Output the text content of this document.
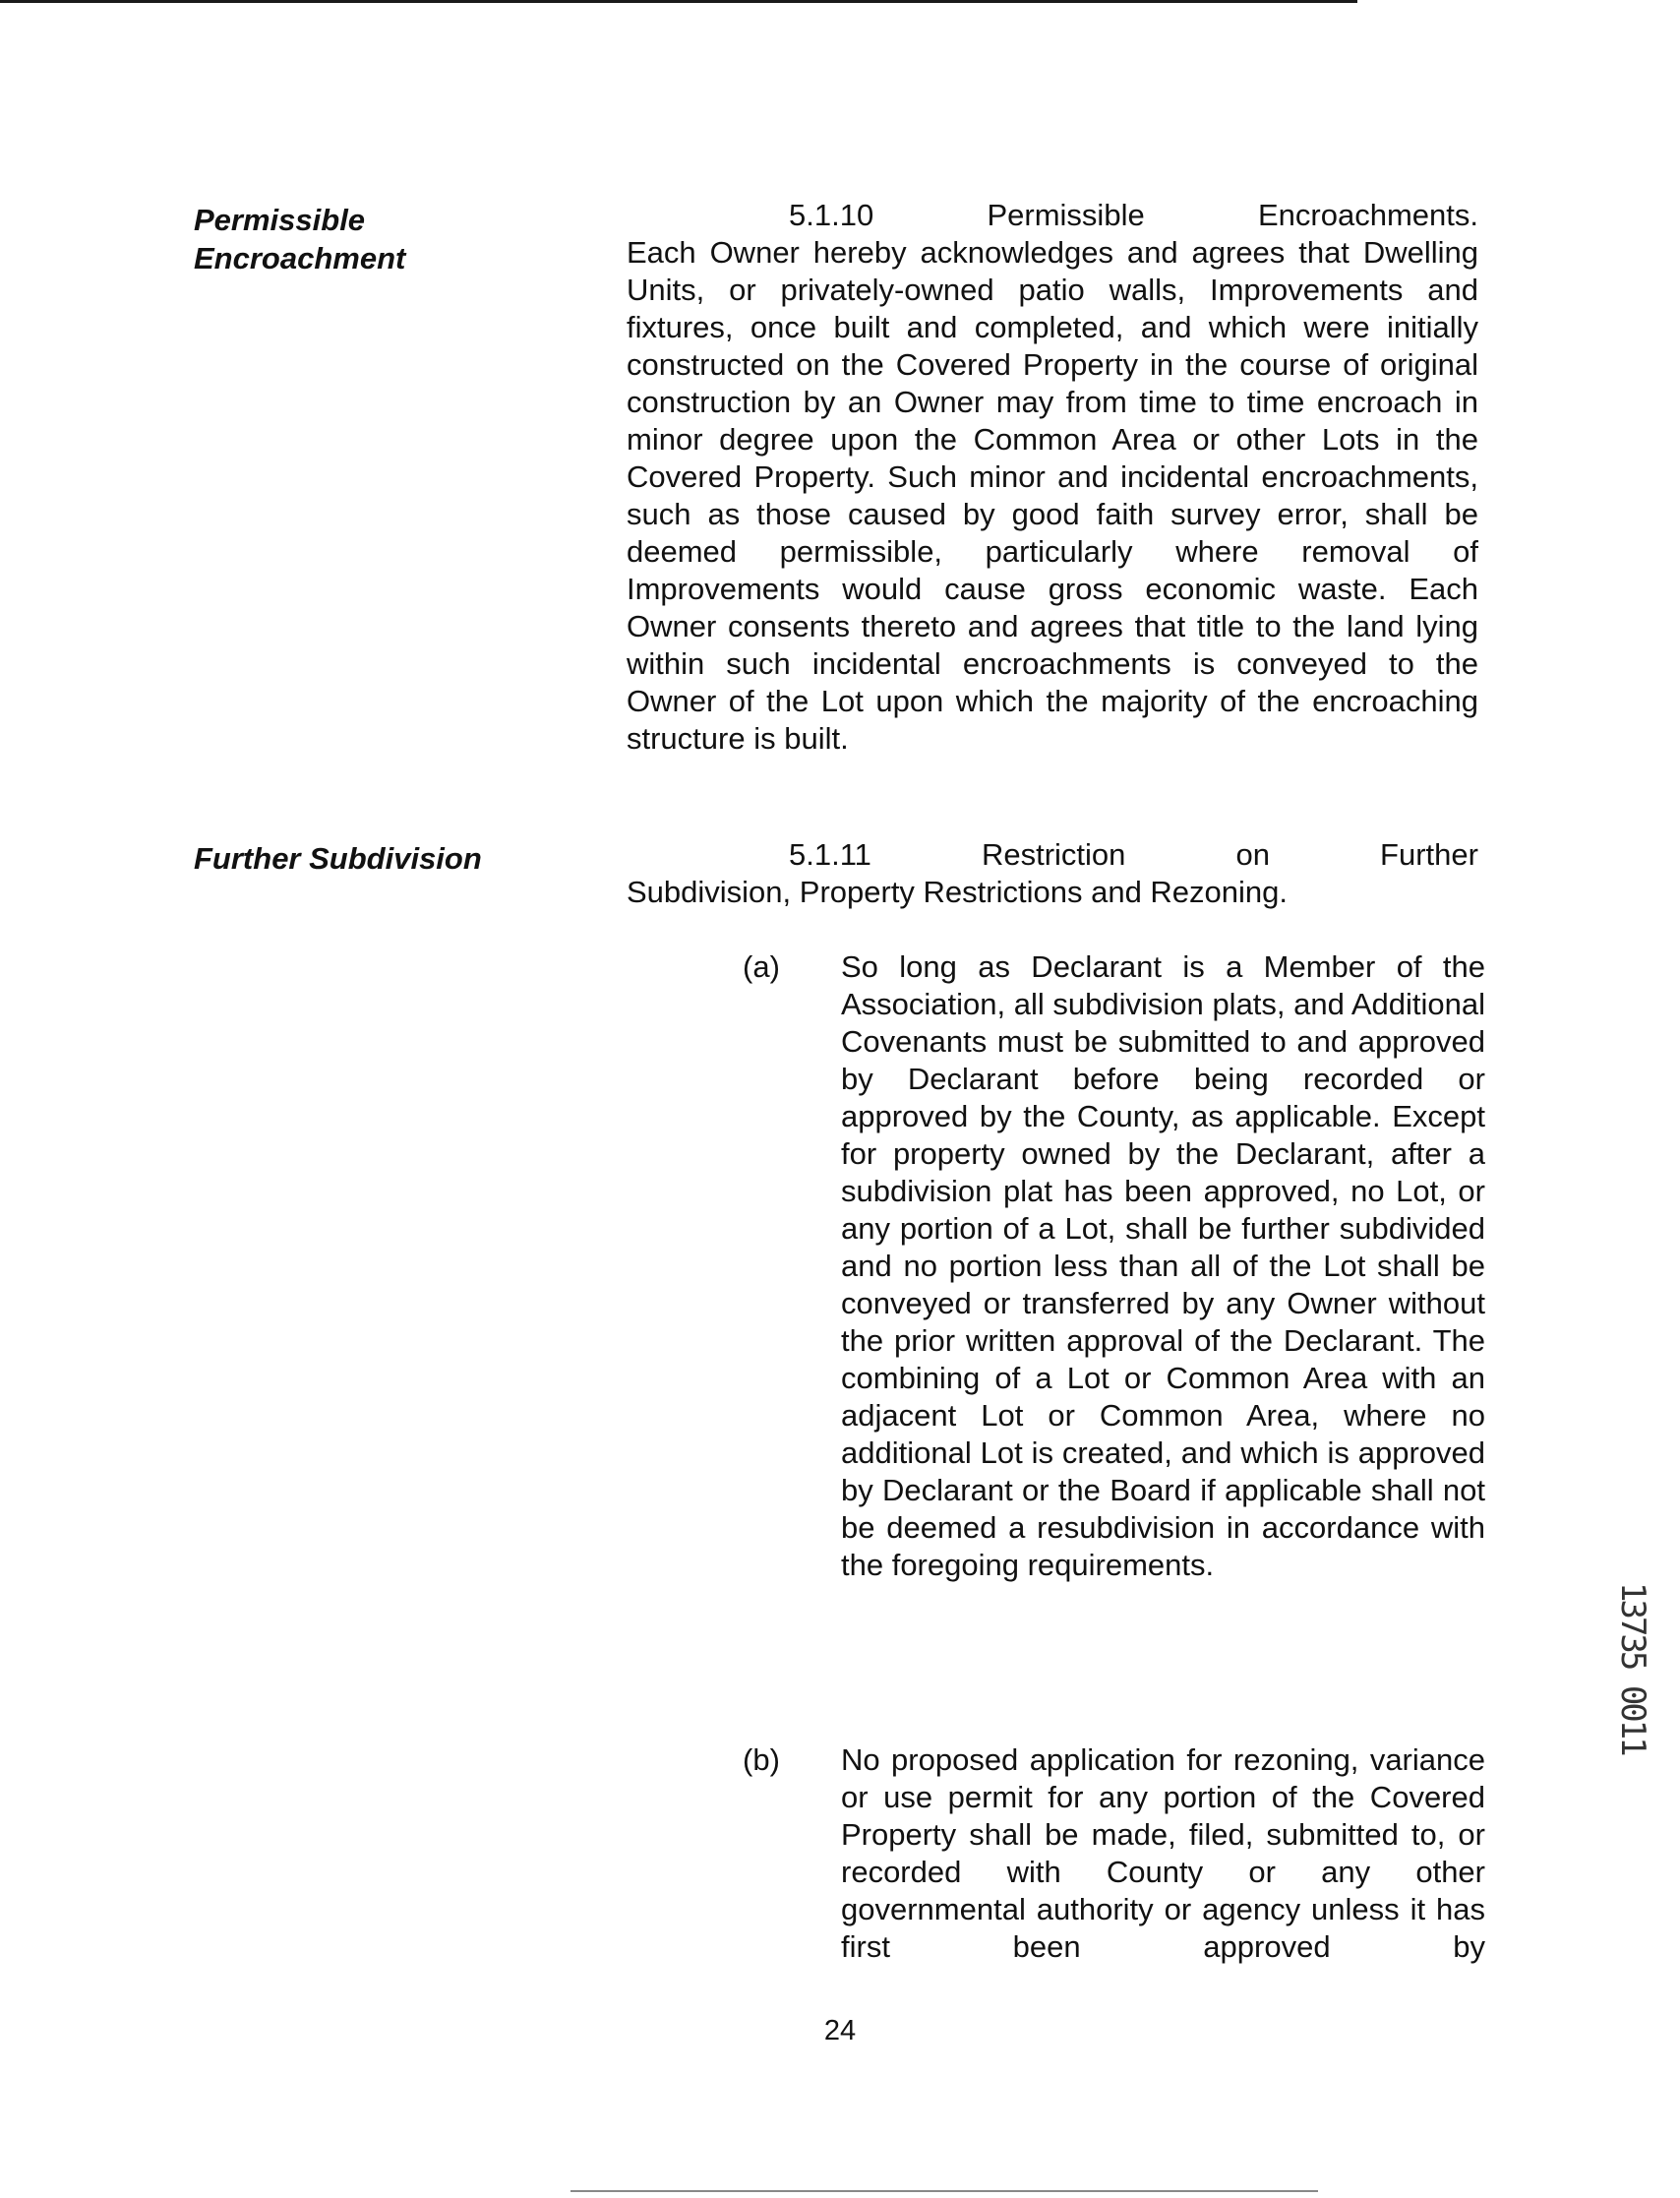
Permissible Encroachment
5.1.10	Permissible	Encroachments.

Each Owner hereby acknowledges and agrees that Dwelling Units, or privately-owned patio walls, Improvements and fixtures, once built and completed, and which were initially constructed on the Covered Property in the course of original construction by an Owner may from time to time encroach in minor degree upon the Common Area or other Lots in the Covered Property. Such minor and incidental encroachments, such as those caused by good faith survey error, shall be deemed permissible, particularly where removal of Improvements would cause gross economic waste. Each Owner consents thereto and agrees that title to the land lying within such incidental encroachments is conveyed to the Owner of the Lot upon which the majority of the encroaching structure is built.

Further Subdivision	5.1.11	Restriction	on	Further

Subdivision, Property Restrictions and Rezoning.

(a)	So long as Declarant is a Member of the Association, all subdivision plats, and Additional Covenants must be submitted to and approved by Declarant before being recorded or approved by the County, as applicable. Except for property owned by the Declarant, after a subdivision plat has been approved, no Lot, or any portion of a Lot, shall be further subdivided and no portion less than all of the Lot shall be conveyed or transferred by any Owner without the prior written approval of the Declarant. The combining of a Lot or Common Area with an adjacent Lot or Common Area, where no additional Lot is created, and which is approved by Declarant or the Board if applicable shall not be deemed a resubdivision in accordance with the foregoing requirements.

(b)	No proposed application for rezoning, variance or use permit for any portion of the Covered Property shall be made, filed, submitted to, or recorded with County or any other governmental authority or agency unless it has first been approved by

24
13735 0011
